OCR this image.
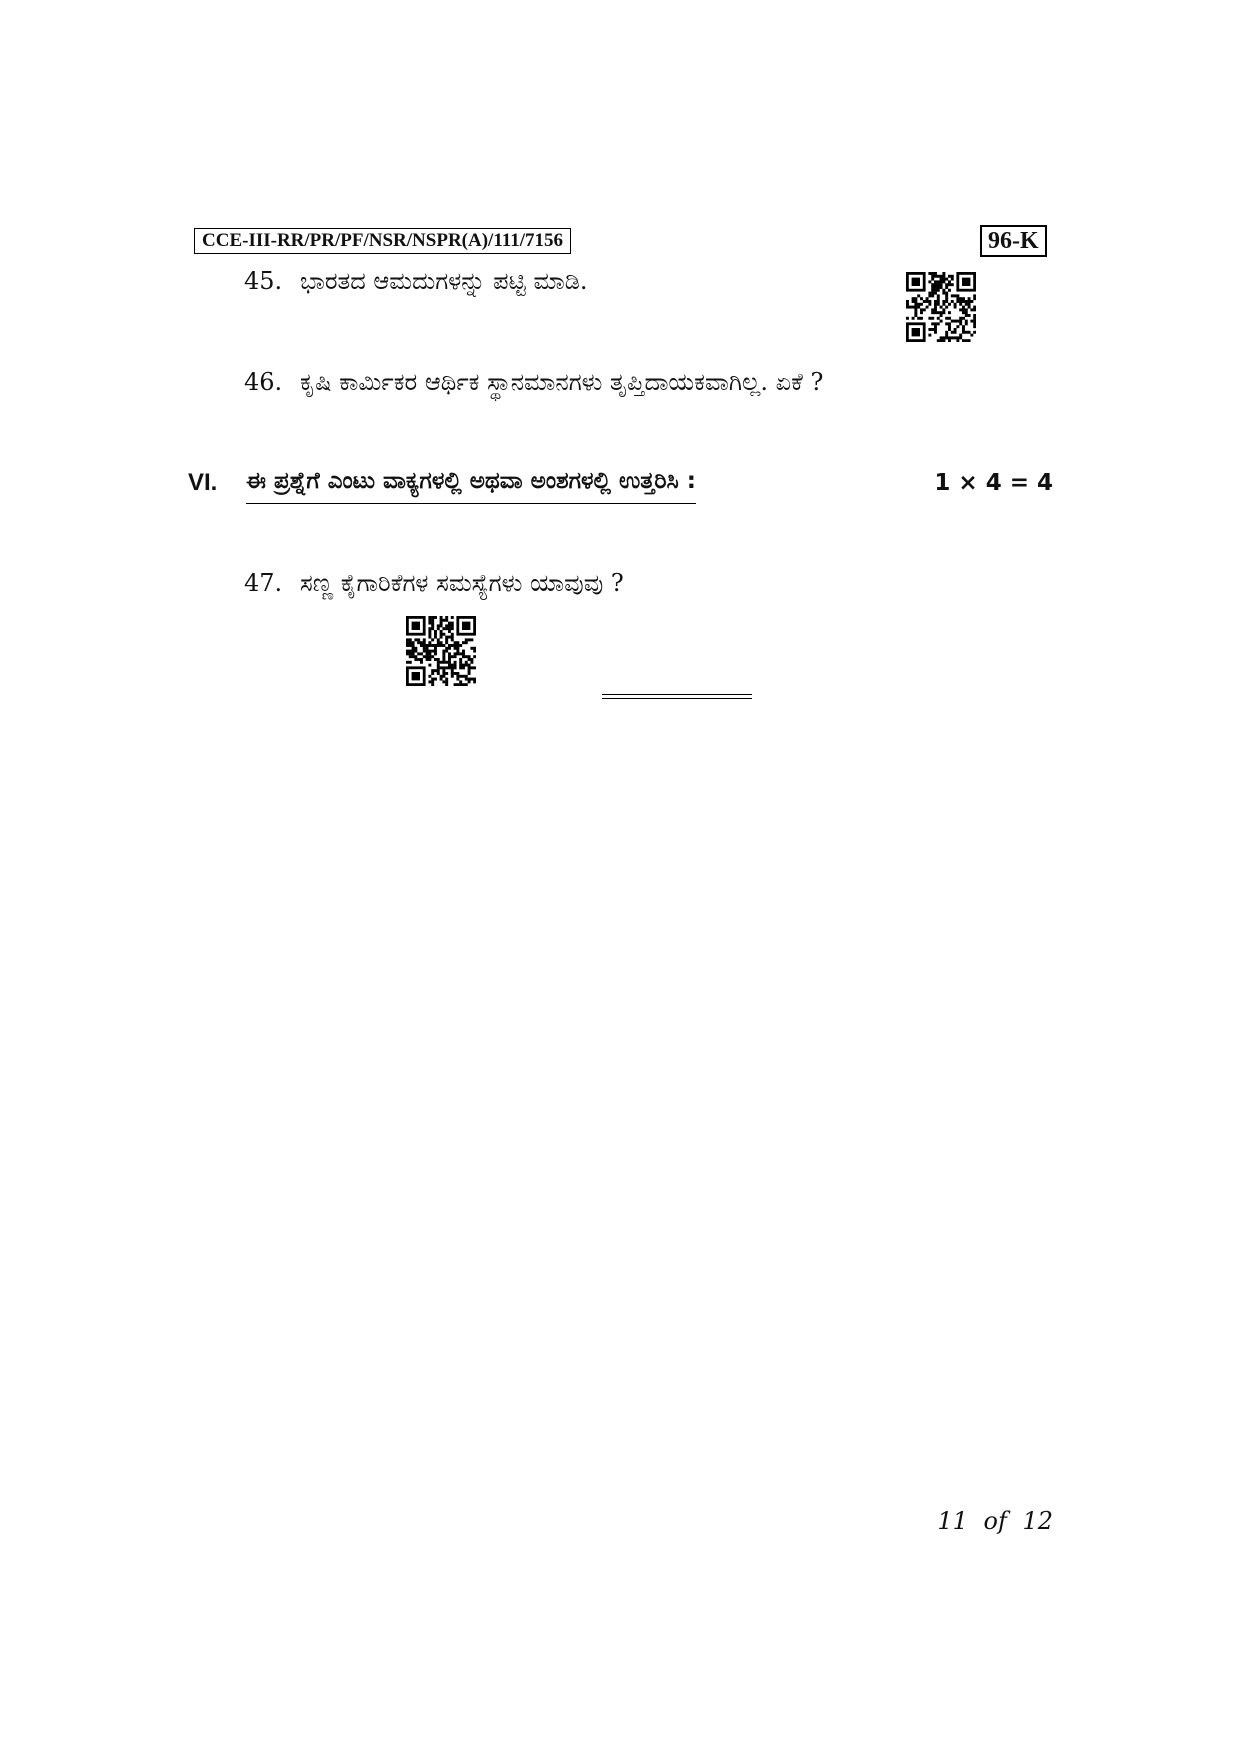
CCE-III-RR/PR/PF/NSR/NSPR(A)/111/7156	96-K
45. ಭಾರತದ ಆಮದುಗಳನ್ನು ಪಟ್ಟಿ ಮಾಡಿ.
46. ಕೃಷಿ ಕಾರ್ಮಿಕರ ಆರ್ಥಿಕ ಸ್ಥಾನಮಾನಗಳು ತೃಪ್ತಿದಾಯಕವಾಗಿಲ್ಲ. ಏಕೆ ?
VI. ಈ ಪ್ರಶ್ನೆಗೆ ಎಂಟು ವಾಕ್ಯಗಳಲ್ಲಿ ಅಥವಾ ಅಂಶಗಳಲ್ಲಿ ಉತ್ತರಿಸಿ :	1 × 4 = 4
47. ಸಣ್ಣ ಕೈಗಾರಿಕೆಗಳ ಸಮಸ್ಯೆಗಳು ಯಾವುವು ?
11 of 12
